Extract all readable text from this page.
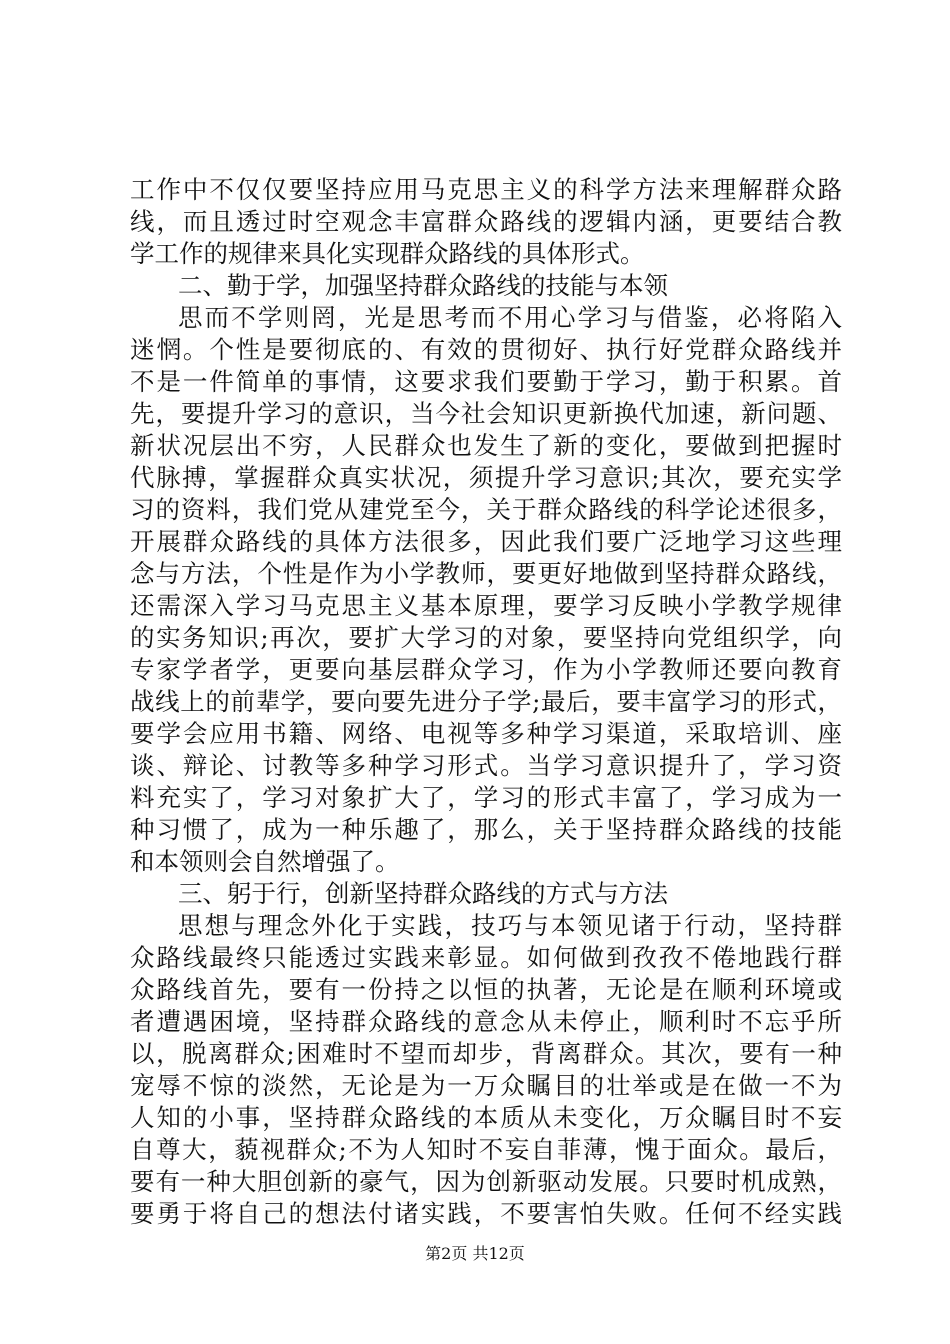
工作中不仅仅要坚持应用马克思主义的科学方法来理解群众路
线，而且透过时空观念丰富群众路线的逻辑内涵，更要结合教
学工作的规律来具化实现群众路线的具体形式。
二、勤于学，加强坚持群众路线的技能与本领
思而不学则罔，光是思考而不用心学习与借鉴，必将陷入
迷惘。个性是要彻底的、有效的贯彻好、执行好党群众路线并
不是一件简单的事情，这要求我们要勤于学习，勤于积累。首
先，要提升学习的意识，当今社会知识更新换代加速，新问题、
新状况层出不穷，人民群众也发生了新的变化，要做到把握时
代脉搏，掌握群众真实状况，须提升学习意识;其次，要充实学
习的资料，我们党从建党至今，关于群众路线的科学论述很多，
开展群众路线的具体方法很多，因此我们要广泛地学习这些理
念与方法，个性是作为小学教师，要更好地做到坚持群众路线，
还需深入学习马克思主义基本原理，要学习反映小学教学规律
的实务知识;再次，要扩大学习的对象，要坚持向党组织学，向
专家学者学，更要向基层群众学习，作为小学教师还要向教育
战线上的前辈学，要向要先进分子学;最后，要丰富学习的形式，
要学会应用书籍、网络、电视等多种学习渠道，采取培训、座
谈、辩论、讨教等多种学习形式。当学习意识提升了，学习资
料充实了，学习对象扩大了，学习的形式丰富了，学习成为一
种习惯了，成为一种乐趣了，那么，关于坚持群众路线的技能
和本领则会自然增强了。
三、躬于行，创新坚持群众路线的方式与方法
思想与理念外化于实践，技巧与本领见诸于行动，坚持群
众路线最终只能透过实践来彰显。如何做到孜孜不倦地践行群
众路线首先，要有一份持之以恒的执著，无论是在顺利环境或
者遭遇困境，坚持群众路线的意念从未停止，顺利时不忘乎所
以，脱离群众;困难时不望而却步，背离群众。其次，要有一种
宠辱不惊的淡然，无论是为一万众瞩目的壮举或是在做一不为
人知的小事，坚持群众路线的本质从未变化，万众瞩目时不妄
自尊大，藐视群众;不为人知时不妄自菲薄，愧于面众。最后，
要有一种大胆创新的豪气，因为创新驱动发展。只要时机成熟，
要勇于将自己的想法付诸实践，不要害怕失败。任何不经实践
第2页 共12页
